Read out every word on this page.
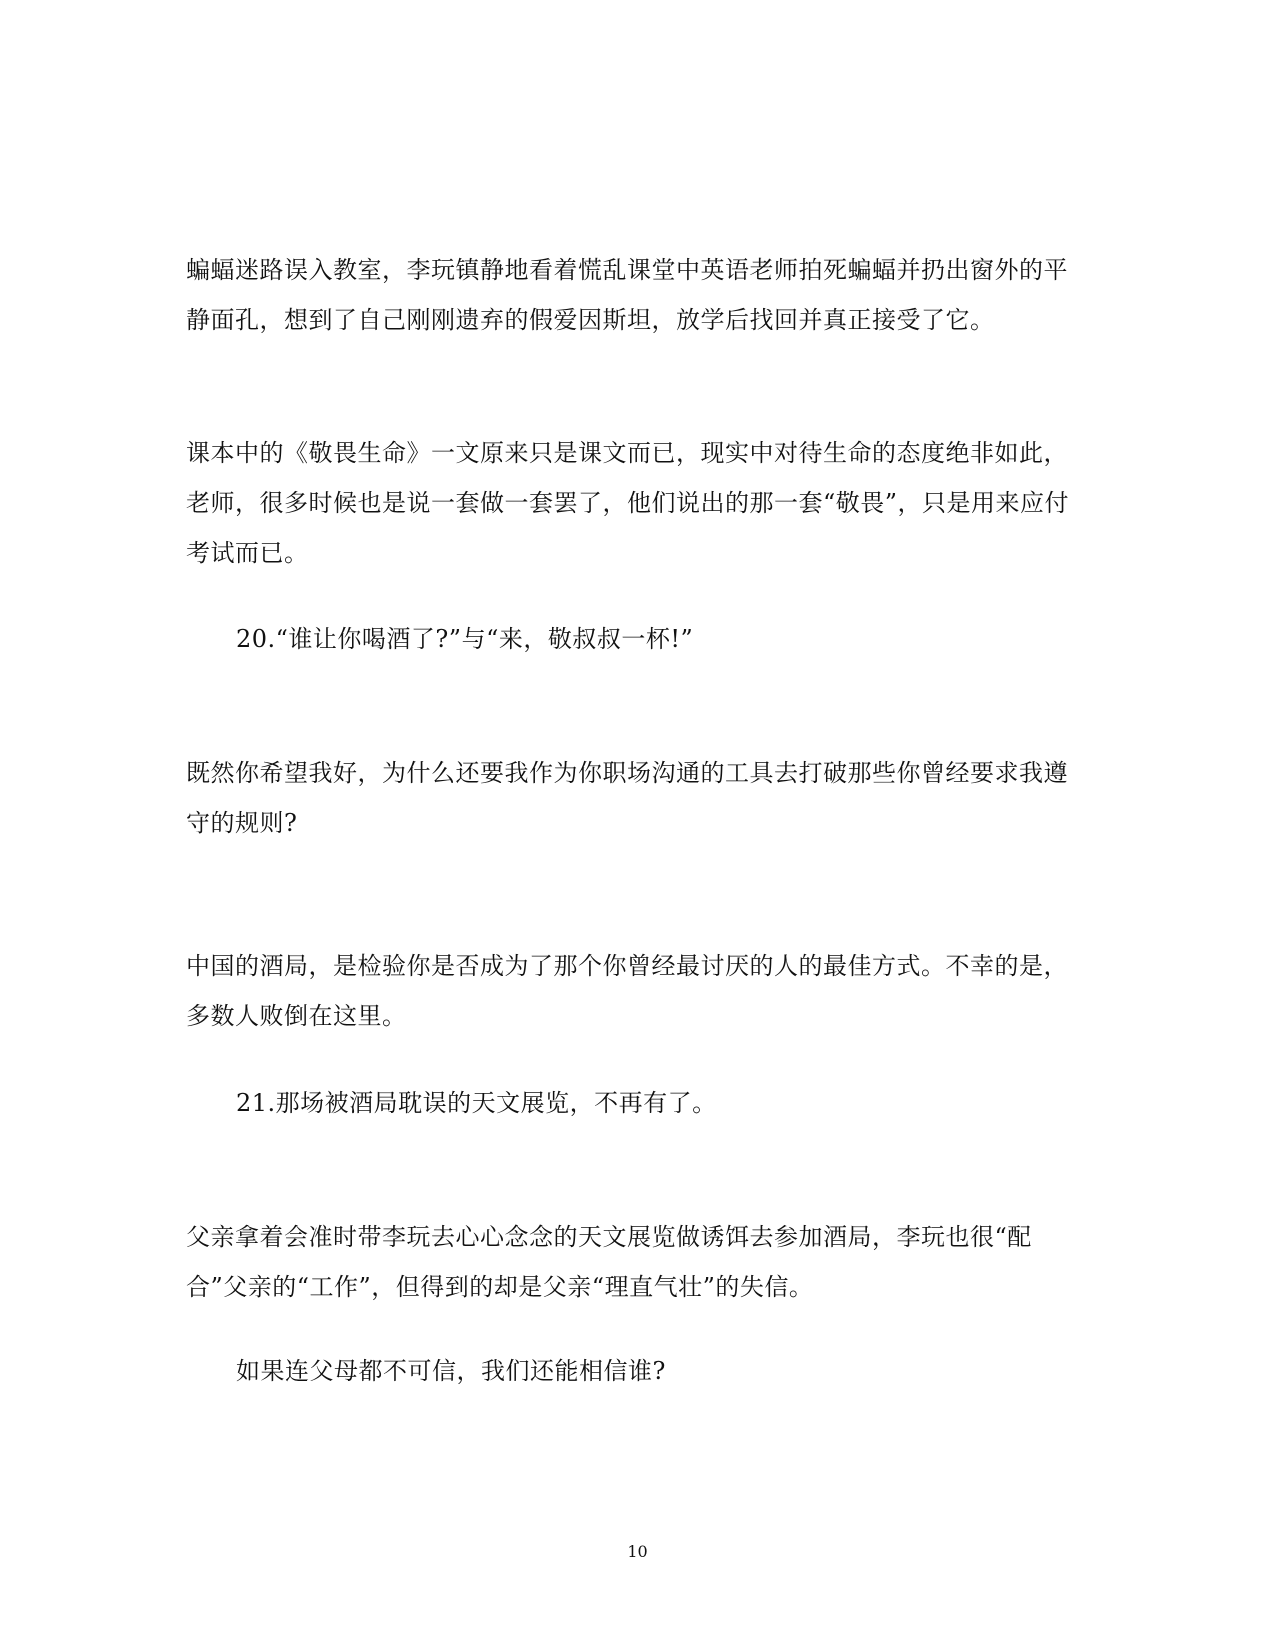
蝙蝠迷路误入教室，李玩镇静地看着慌乱课堂中英语老师拍死蝙蝠并扔出窗外的平静面孔，想到了自己刚刚遗弃的假爱因斯坦，放学后找回并真正接受了它。

课本中的《敬畏生命》一文原来只是课文而已，现实中对待生命的态度绝非如此，老师，很多时候也是说一套做一套罢了，他们说出的那一套“敬畏”，只是用来应付考试而已。

20.“谁让你喝酒了?”与“来，敬叔叔一杯!”

既然你希望我好，为什么还要我作为你职场沟通的工具去打破那些你曾经要求我遵守的规则?

中国的酒局，是检验你是否成为了那个你曾经最讨厌的人的最佳方式。不幸的是，多数人败倒在这里。

21.那场被酒局耽误的天文展览，不再有了。

父亲拿着会准时带李玩去心心念念的天文展览做诱饵去参加酒局，李玩也很“配合”父亲的“工作”，但得到的却是父亲“理直气壮”的失信。

如果连父母都不可信，我们还能相信谁?

10
